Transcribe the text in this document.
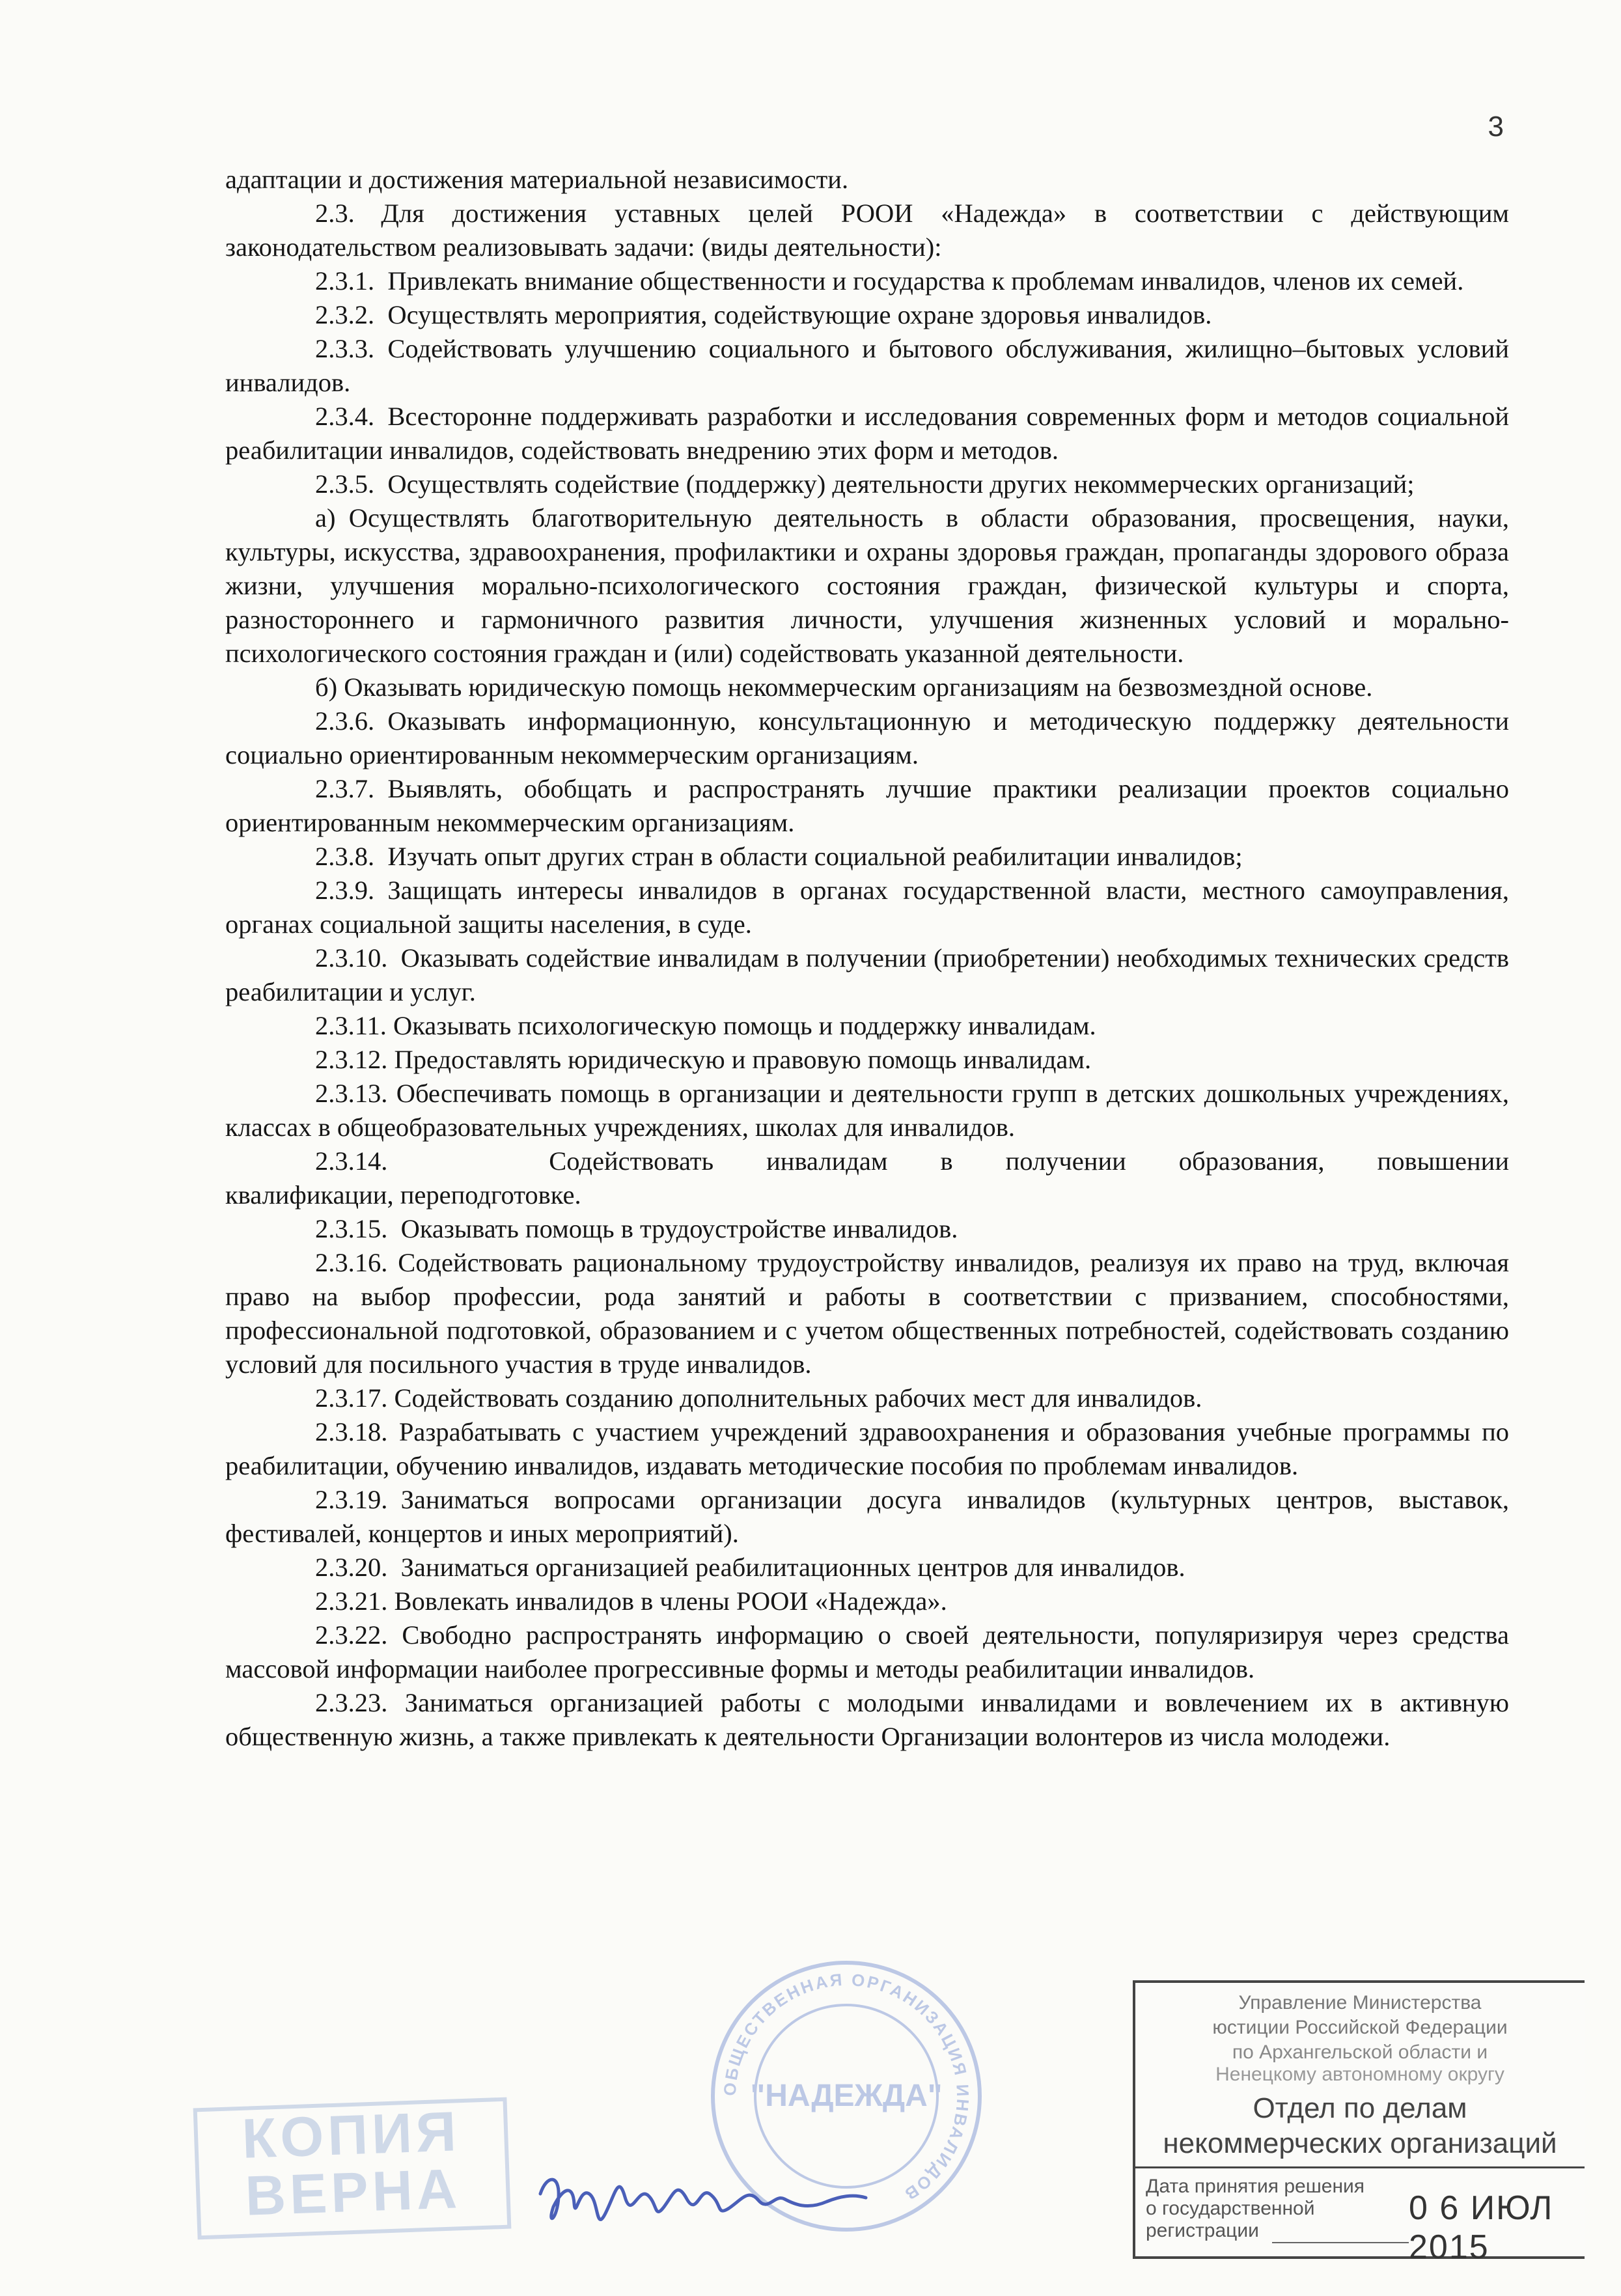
3

адаптации и достижения материальной независимости.

2.3. Для достижения уставных целей РООИ «Надежда» в соответствии с действующим законодательством реализовывать задачи: (виды деятельности):

2.3.1. Привлекать внимание общественности и государства к проблемам инвалидов, членов их семей.

2.3.2. Осуществлять мероприятия, содействующие охране здоровья инвалидов.

2.3.3. Содействовать улучшению социального и бытового обслуживания, жилищно–бытовых условий инвалидов.

2.3.4. Всесторонне поддерживать разработки и исследования современных форм и методов социальной реабилитации инвалидов, содействовать внедрению этих форм и методов.

2.3.5. Осуществлять содействие (поддержку) деятельности других некоммерческих организаций;

а) Осуществлять благотворительную деятельность в области образования, просвещения, науки, культуры, искусства, здравоохранения, профилактики и охраны здоровья граждан, пропаганды здорового образа жизни, улучшения морально-психологического состояния граждан, физической культуры и спорта, разностороннего и гармоничного развития личности, улучшения жизненных условий и морально-психологического состояния граждан и (или) содействовать указанной деятельности.

б) Оказывать юридическую помощь некоммерческим организациям на безвозмездной основе.

2.3.6. Оказывать информационную, консультационную и методическую поддержку деятельности социально ориентированным некоммерческим организациям.

2.3.7. Выявлять, обобщать и распространять лучшие практики реализации проектов социально ориентированным некоммерческим организациям.

2.3.8. Изучать опыт других стран в области социальной реабилитации инвалидов;

2.3.9. Защищать интересы инвалидов в органах государственной власти, местного самоуправления, органах социальной защиты населения, в суде.

2.3.10. Оказывать содействие инвалидам в получении (приобретении) необходимых технических средств реабилитации и услуг.

2.3.11. Оказывать психологическую помощь и поддержку инвалидам.

2.3.12. Предоставлять юридическую и правовую помощь инвалидам.

2.3.13. Обеспечивать помощь в организации и деятельности групп в детских дошкольных учреждениях, классах в общеобразовательных учреждениях, школах для инвалидов.

2.3.14. Содействовать  инвалидам  в  получении  образования,  повышении квалификации, переподготовке.

2.3.15. Оказывать помощь в трудоустройстве инвалидов.

2.3.16. Содействовать рациональному трудоустройству инвалидов, реализуя их право на труд, включая право на выбор профессии, рода занятий и работы в соответствии с призванием, способностями, профессиональной подготовкой, образованием и с учетом общественных потребностей, содействовать созданию условий для посильного участия в труде инвалидов.

2.3.17. Содействовать созданию дополнительных рабочих мест для инвалидов.

2.3.18. Разрабатывать с участием учреждений здравоохранения и образования учебные программы по реабилитации, обучению инвалидов, издавать методические пособия по проблемам инвалидов.

2.3.19. Заниматься вопросами организации досуга инвалидов (культурных центров, выставок, фестивалей, концертов и иных мероприятий).

2.3.20. Заниматься организацией реабилитационных центров для инвалидов.

2.3.21. Вовлекать инвалидов в члены РООИ «Надежда».

2.3.22. Свободно распространять информацию о своей деятельности, популяризируя через средства массовой информации наиболее прогрессивные формы и методы реабилитации инвалидов.

2.3.23. Заниматься организацией работы с молодыми инвалидами и вовлечением их в активную общественную жизнь, а также привлекать к деятельности Организации волонтеров из числа молодежи.

ОБЩЕСТВЕННАЯ ОРГАНИЗАЦИЯ ИНВАЛИДОВ
"НАДЕЖДА"
КОПИЯ
ВЕРНА
Управление Министерства
юстиции Российской Федерации
по Архангельской области и
Ненецкому автономному округу
Отдел по делам
некоммерческих организаций
Дата принятия решения о государственной регистрации
0 6 ИЮЛ 2015
